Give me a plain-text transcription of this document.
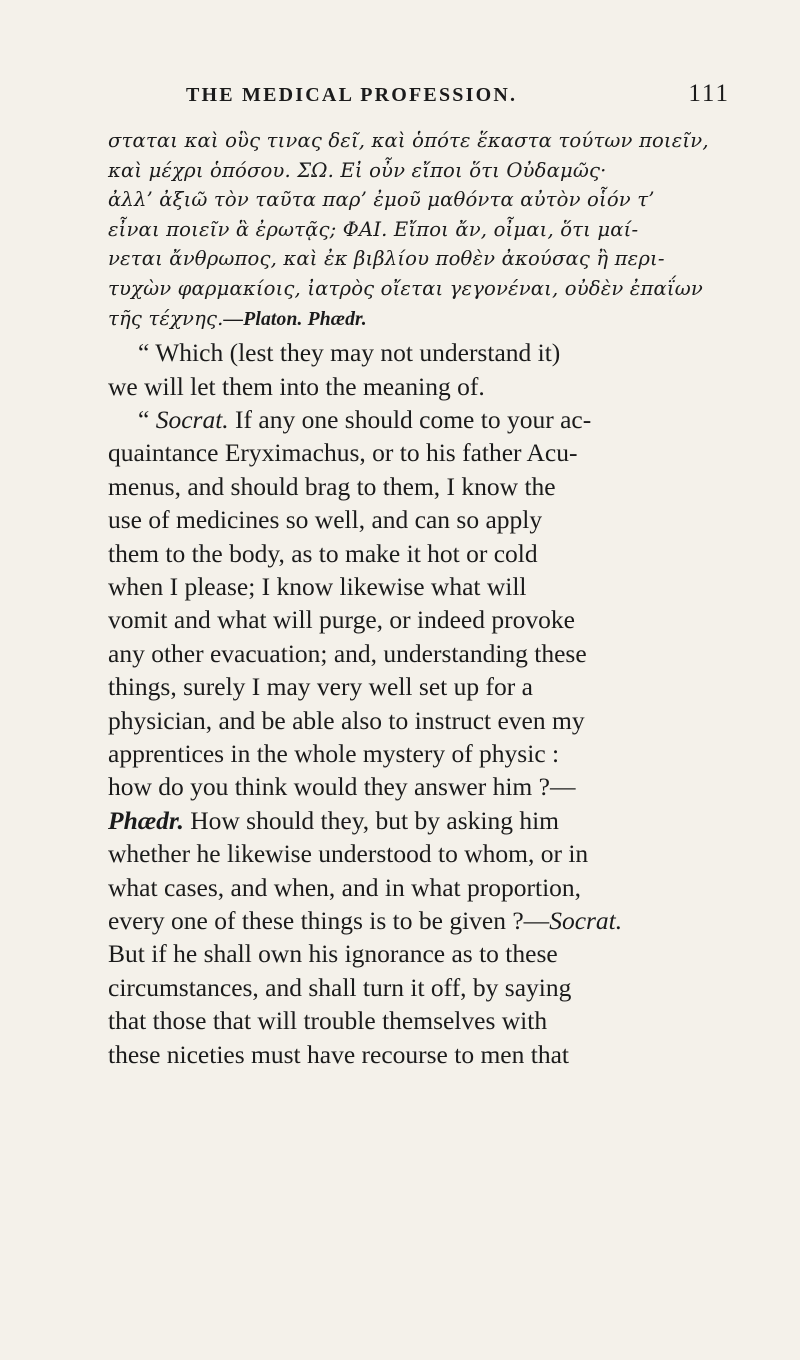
THE MEDICAL PROFESSION.	111

σταται καὶ οὓς τινας δεῖ, καὶ ὁπότε ἕκαστα τούτων ποιεῖν,

καὶ μέχρι ὁπόσου. ΣΩ. Εἰ οὖν εἴποι ὅτι Οὐδαμῶς·

ἀλλ’ ἀξιῶ τὸν ταῦτα παρ’ ἐμοῦ μαθόντα αὐτὸν οἷόν τ’

εἶναι ποιεῖν ἃ ἐρωτᾷς; ΦΑΙ. Εἴποι ἄν, οἶμαι, ὅτι μαί-

νεται ἄνθρωπος, καὶ ἐκ βιβλίου ποθὲν ἀκούσας ἢ περι-

τυχὼν φαρμακίοις, ἰατρὸς οἴεται γεγονέναι, οὐδὲν ἐπαΐων

τῆς τέχνης.—Platon. Phædr.

“ Which (lest they may not understand it)

we will let them into the meaning of.

“ Socrat. If any one should come to your ac-

quaintance Eryximachus, or to his father Acu-

menus, and should brag to them, I know the

use of medicines so well, and can so apply

them to the body, as to make it hot or cold

when I please; I know likewise what will

vomit and what will purge, or indeed provoke

any other evacuation; and, understanding these

things, surely I may very well set up for a

physician, and be able also to instruct even my

apprentices in the whole mystery of physic :

how do you think would they answer him ?—

Phædr. How should they, but by asking him

whether he likewise understood to whom, or in

what cases, and when, and in what proportion,

every one of these things is to be given ?—Socrat.

But if he shall own his ignorance as to these

circumstances, and shall turn it off, by saying

that those that will trouble themselves with

these niceties must have recourse to men that
